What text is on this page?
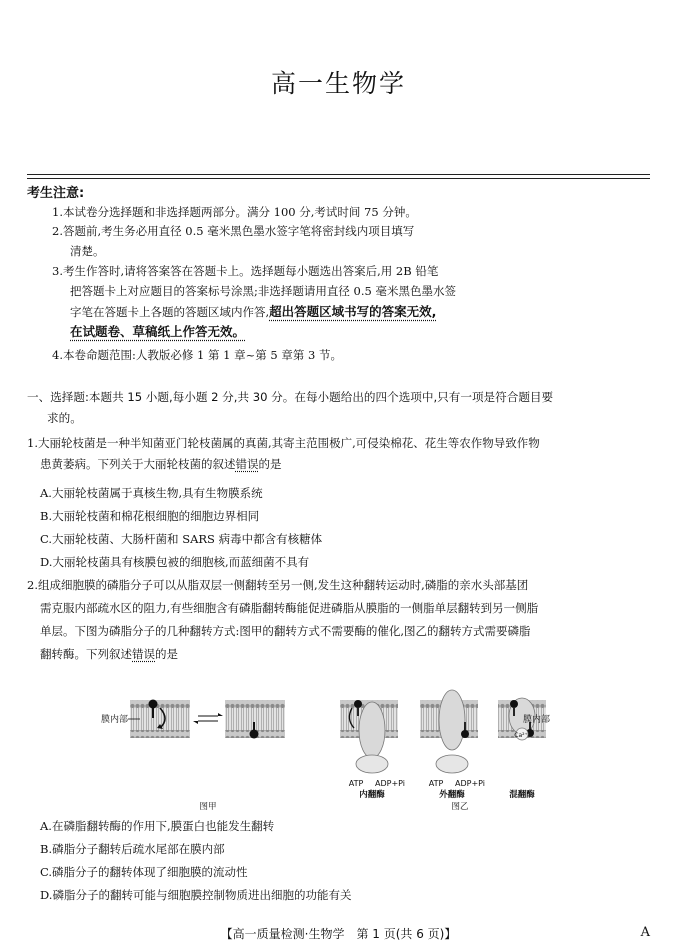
高一生物学
考生注意:
1.本试卷分选择题和非选择题两部分。满分 100 分,考试时间 75 分钟。
2.答题前,考生务必用直径 0.5 毫米黑色墨水签字笔将密封线内项目填写
清楚。
3.考生作答时,请将答案答在答题卡上。选择题每小题选出答案后,用 2B 铅笔
把答题卡上对应题目的答案标号涂黑;非选择题请用直径 0.5 毫米黑色墨水签
字笔在答题卡上各题的答题区域内作答,超出答题区域书写的答案无效,
在试题卷、草稿纸上作答无效。
4.本卷命题范围:人教版必修 1 第 1 章~第 5 章第 3 节。
一、选择题:本题共 15 小题,每小题 2 分,共 30 分。在每小题给出的四个选项中,只有一项是符合题目要
求的。
1.大丽轮枝菌是一种半知菌亚门轮枝菌属的真菌,其寄主范围极广,可侵染棉花、花生等农作物导致作物
患黄萎病。下列关于大丽轮枝菌的叙述错误的是
A.大丽轮枝菌属于真核生物,具有生物膜系统
B.大丽轮枝菌和棉花根细胞的细胞边界相同
C.大丽轮枝菌、大肠杆菌和 SARS 病毒中都含有核糖体
D.大丽轮枝菌具有核膜包被的细胞核,而蓝细菌不具有
2.组成细胞膜的磷脂分子可以从脂双层一侧翻转至另一侧,发生这种翻转运动时,磷脂的亲水头部基团
需克服内部疏水区的阻力,有些细胞含有磷脂翻转酶能促进磷脂从膜脂的一侧脂单层翻转到另一侧脂
单层。下图为磷脂分子的几种翻转方式:图甲的翻转方式不需要酶的催化,图乙的翻转方式需要磷脂
翻转酶。下列叙述错误的是
膜内部
Ca²⁺
膜内部
ATP ADP+Pi	ATP ADP+Pi
内翻酶	外翻酶	混翻酶
图甲	图乙
A.在磷脂翻转酶的作用下,膜蛋白也能发生翻转
B.磷脂分子翻转后疏水尾部在膜内部
C.磷脂分子的翻转体现了细胞膜的流动性
D.磷脂分子的翻转可能与细胞膜控制物质进出细胞的功能有关
【高一质量检测·生物学　第 1 页(共 6 页)】	A
